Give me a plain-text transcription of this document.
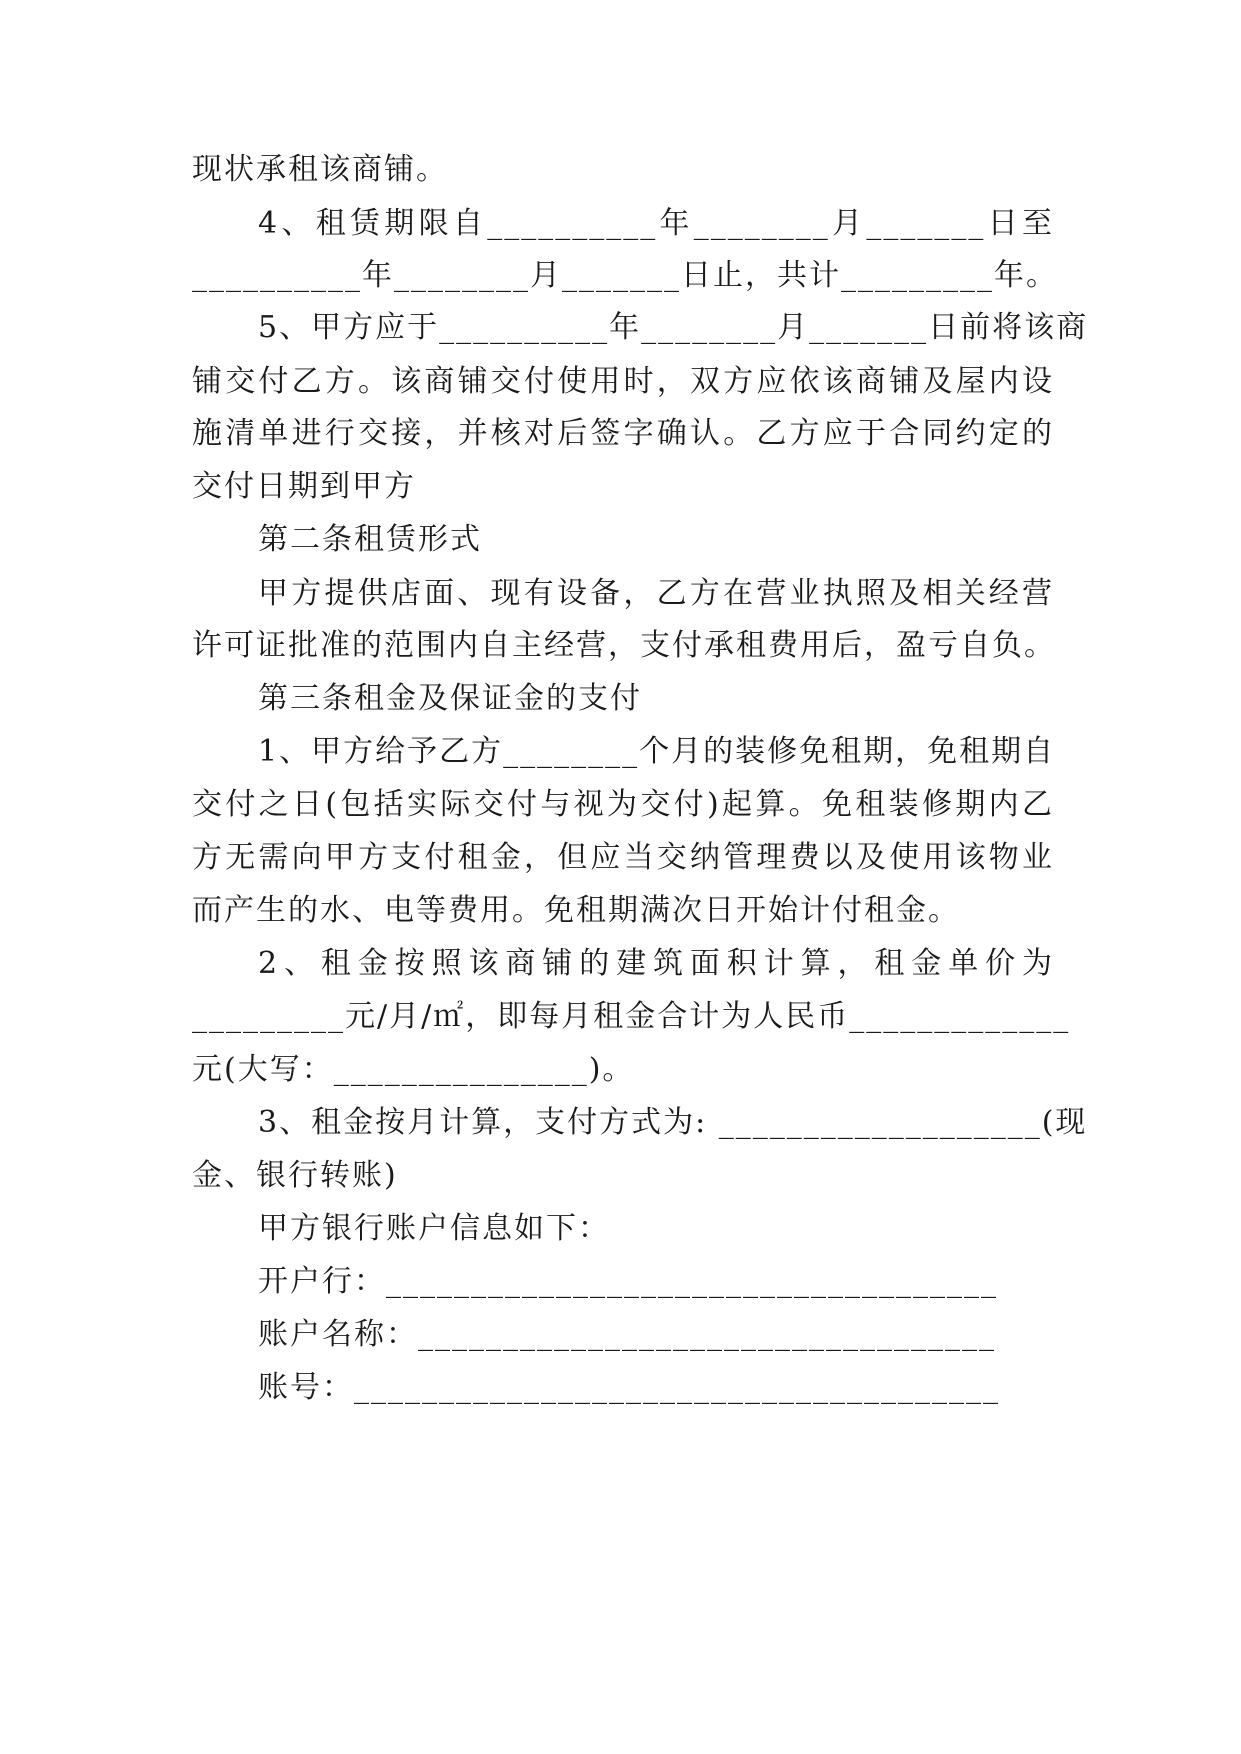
现状承租该商铺。
4、租赁期限自__________年________月_______日至
__________年________月_______日止，共计_________年。
5、甲方应于__________年________月_______日前将该商
铺交付乙方。该商铺交付使用时，双方应依该商铺及屋内设
施清单进行交接，并核对后签字确认。乙方应于合同约定的
交付日期到甲方
第二条租赁形式
甲方提供店面、现有设备，乙方在营业执照及相关经营
许可证批准的范围内自主经营，支付承租费用后，盈亏自负。
第三条租金及保证金的支付
1、甲方给予乙方________个月的装修免租期，免租期自
交付之日(包括实际交付与视为交付)起算。免租装修期内乙
方无需向甲方支付租金，但应当交纳管理费以及使用该物业
而产生的水、电等费用。免租期满次日开始计付租金。
2、租金按照该商铺的建筑面积计算，租金单价为
_________元/月/㎡，即每月租金合计为人民币_____________
元(大写：_______________)。
3、租金按月计算，支付方式为: ___________________(现
金、银行转账)
甲方银行账户信息如下：
开户行：____________________________________
账户名称：__________________________________
账号：______________________________________
